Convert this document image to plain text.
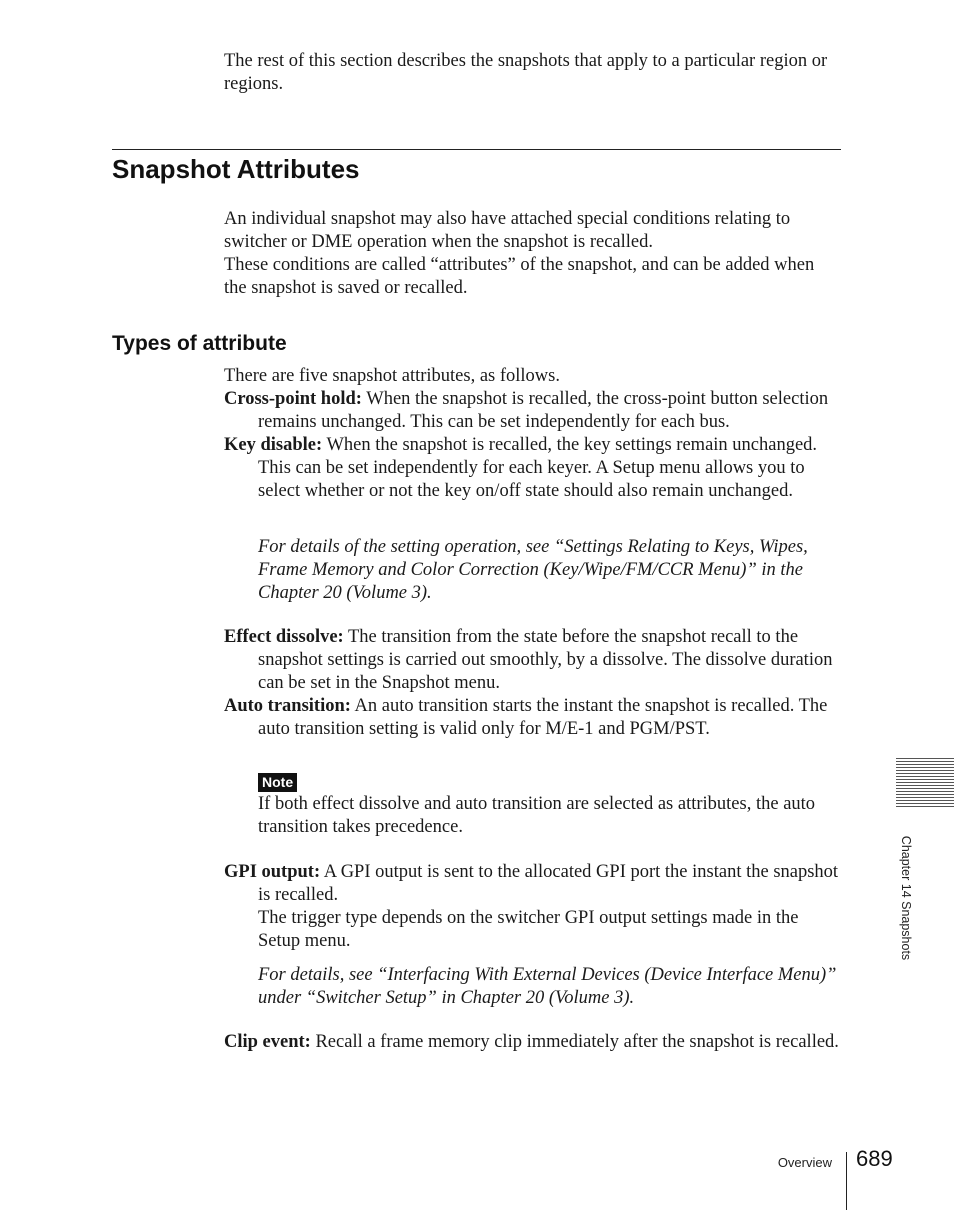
The rest of this section describes the snapshots that apply to a particular region or regions.
Snapshot Attributes
An individual snapshot may also have attached special conditions relating to switcher or DME operation when the snapshot is recalled.
These conditions are called “attributes” of the snapshot, and can be added when the snapshot is saved or recalled.
Types of attribute
There are five snapshot attributes, as follows.
Cross-point hold: When the snapshot is recalled, the cross-point button selection remains unchanged. This can be set independently for each bus.
Key disable: When the snapshot is recalled, the key settings remain unchanged. This can be set independently for each keyer. A Setup menu allows you to select whether or not the key on/off state should also remain unchanged.
For details of the setting operation, see “Settings Relating to Keys, Wipes, Frame Memory and Color Correction (Key/Wipe/FM/CCR Menu)” in the Chapter 20 (Volume 3).
Effect dissolve: The transition from the state before the snapshot recall to the snapshot settings is carried out smoothly, by a dissolve. The dissolve duration can be set in the Snapshot menu.
Auto transition: An auto transition starts the instant the snapshot is recalled. The auto transition setting is valid only for M/E-1 and PGM/PST.
Note
If both effect dissolve and auto transition are selected as attributes, the auto transition takes precedence.
GPI output: A GPI output is sent to the allocated GPI port the instant the snapshot is recalled.
The trigger type depends on the switcher GPI output settings made in the Setup menu.
For details, see “Interfacing With External Devices (Device Interface Menu)” under “Switcher Setup” in Chapter 20 (Volume 3).
Clip event: Recall a frame memory clip immediately after the snapshot is recalled.
Chapter 14 Snapshots
Overview 689
